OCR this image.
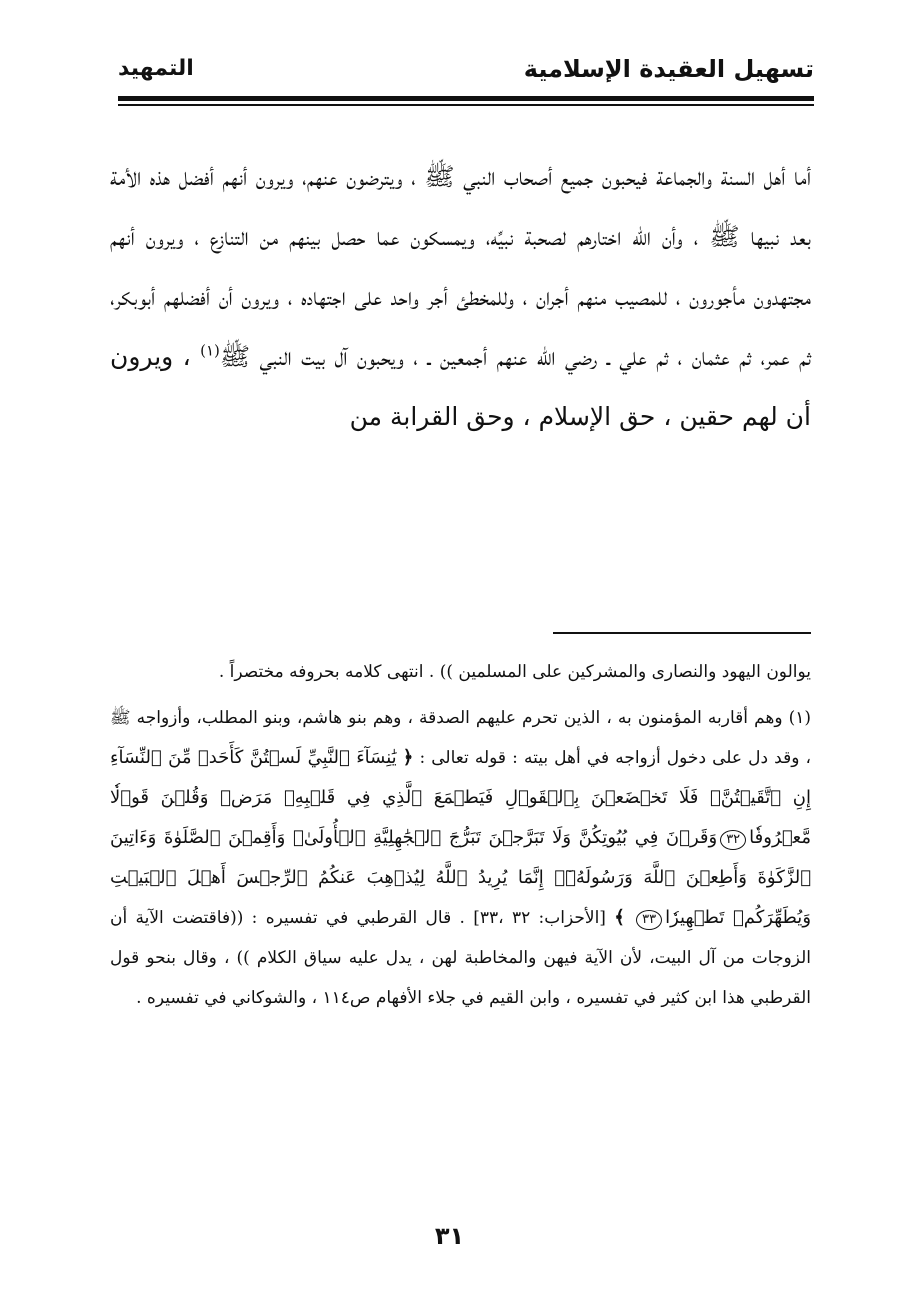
تسهيل العقيدة الإسلامية
التمهيد

أما أهل السنة والجماعة فيحبون جميع أصحاب النبي ﷺ ، ويترضون عنهم، ويرون أنهم أفضل هذه الأمة بعد نبيها ﷺ ، وأن الله اختارهم لصحبة نبيِّه، ويمسكون عما حصل بينهم من التنازع ، ويرون أنهم مجتهدون مأجورون ، للمصيب منهم أجران ، وللمخطئ أجر واحد على اجتهاده ، ويرون أن أفضلهم أبوبكر، ثم عمر، ثم عثمان ، ثم علي ـ رضي الله عنهم أجمعين ـ ، ويحبون آل بيت النبي ﷺ$^{(١)}$ ، ويرون أن لهم حقين ، حق الإسلام ، وحق القرابة من

يوالون اليهود والنصارى والمشركين على المسلمين )) . انتهى كلامه بحروفه مختصراً .

(١)وهم أقاربه المؤمنون به ، الذين تحرم عليهم الصدقة ، وهم بنو هاشم، وبنو المطلب، وأزواجه ﷺ ، وقد دل على دخول أزواجه في أهل بيته : قوله تعالى : ﴿ يَٰنِسَآءَ ٱلنَّبِيِّ لَسۡتُنَّ كَأَحَدٖ مِّنَ ٱلنِّسَآءِ إِنِ ٱتَّقَيۡتُنَّۚ فَلَا تَخۡضَعۡنَ بِٱلۡقَوۡلِ فَيَطۡمَعَ ٱلَّذِي فِي قَلۡبِهِۦ مَرَضٞ وَقُلۡنَ قَوۡلٗا مَّعۡرُوفٗا٣٢وَقَرۡنَ فِي بُيُوتِكُنَّ وَلَا تَبَرَّجۡنَ تَبَرُّجَ ٱلۡجَٰهِلِيَّةِ ٱلۡأُولَىٰۖ وَأَقِمۡنَ ٱلصَّلَوٰةَ وَءَاتِينَ ٱلزَّكَوٰةَ وَأَطِعۡنَ ٱللَّهَ وَرَسُولَهُۥٓۚ إِنَّمَا يُرِيدُ ٱللَّهُ لِيُذۡهِبَ عَنكُمُ ٱلرِّجۡسَ أَهۡلَ ٱلۡبَيۡتِ وَيُطَهِّرَكُمۡ تَطۡهِيرٗا٣٣ ﴾ [الأحزاب: ٣٢ ،٣٣] . قال القرطبي في تفسيره : ((فاقتضت الآية أن الزوجات من آل البيت، لأن الآية فيهن والمخاطبة لهن ، يدل عليه سياق الكلام )) ، وقال بنحو قول القرطبي هذا ابن كثير في تفسيره ، وابن القيم في جلاء الأفهام ص١١٤ ، والشوكاني في تفسيره .

٣١
